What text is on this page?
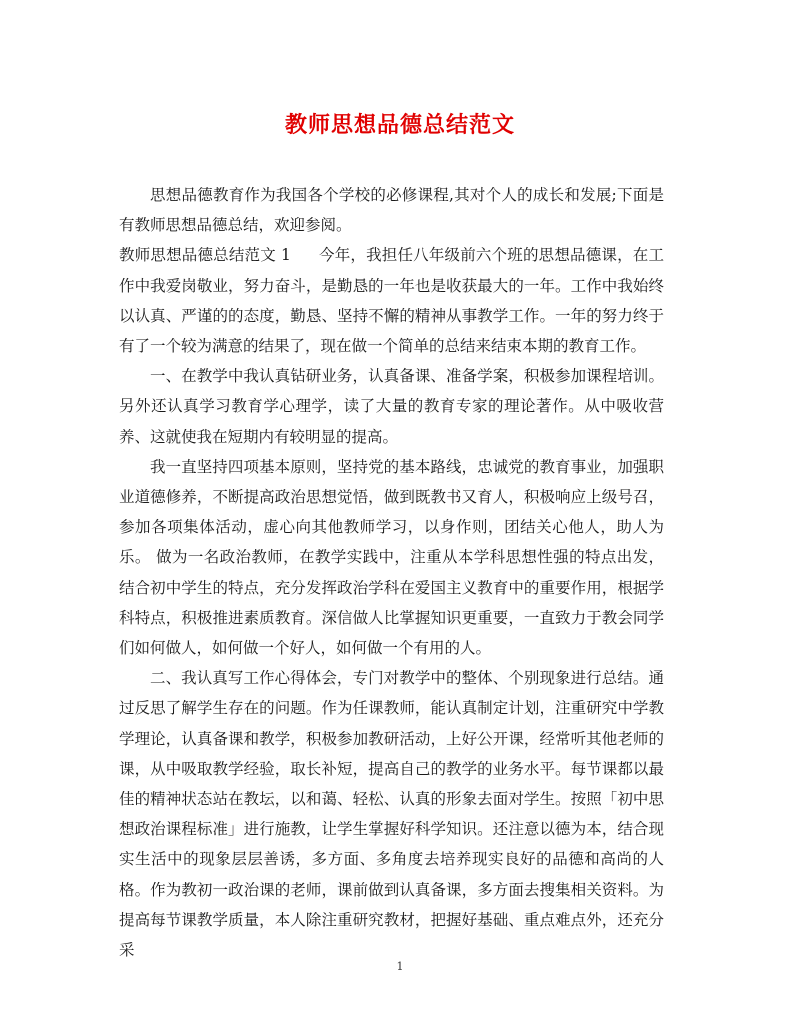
教师思想品德总结范文

思想品德教育作为我国各个学校的必修课程,其对个人的成长和发展;下面是有教师思想品德总结，欢迎参阅。

教师思想品德总结范文 1 今年，我担任八年级前六个班的思想品德课，在工作中我爱岗敬业，努力奋斗，是勤恳的一年也是收获最大的一年。工作中我始终以认真、严谨的的态度，勤恳、坚持不懈的精神从事教学工作。一年的努力终于有了一个较为满意的结果了，现在做一个简单的总结来结束本期的教育工作。

一、在教学中我认真钻研业务，认真备课、准备学案，积极参加课程培训。另外还认真学习教育学心理学，读了大量的教育专家的理论著作。从中吸收营养、这就使我在短期内有较明显的提高。

我一直坚持四项基本原则，坚持党的基本路线，忠诚党的教育事业，加强职业道德修养，不断提高政治思想觉悟，做到既教书又育人，积极响应上级号召，参加各项集体活动，虚心向其他教师学习，以身作则，团结关心他人，助人为乐。 做为一名政治教师，在教学实践中，注重从本学科思想性强的特点出发，结合初中学生的特点，充分发挥政治学科在爱国主义教育中的重要作用，根据学科特点，积极推进素质教育。深信做人比掌握知识更重要，一直致力于教会同学们如何做人，如何做一个好人，如何做一个有用的人。

二、我认真写工作心得体会，专门对教学中的整体、个别现象进行总结。通过反思了解学生存在的问题。作为任课教师，能认真制定计划，注重研究中学教学理论，认真备课和教学，积极参加教研活动，上好公开课，经常听其他老师的课，从中吸取教学经验，取长补短，提高自己的教学的业务水平。每节课都以最佳的精神状态站在教坛，以和蔼、轻松、认真的形象去面对学生。按照「初中思想政治课程标准」进行施教，让学生掌握好科学知识。还注意以德为本，结合现实生活中的现象层层善诱，多方面、多角度去培养现实良好的品德和高尚的人格。作为教初一政治课的老师，课前做到认真备课，多方面去搜集相关资料。为提高每节课教学质量，本人除注重研究教材，把握好基础、重点难点外，还充分采

1
